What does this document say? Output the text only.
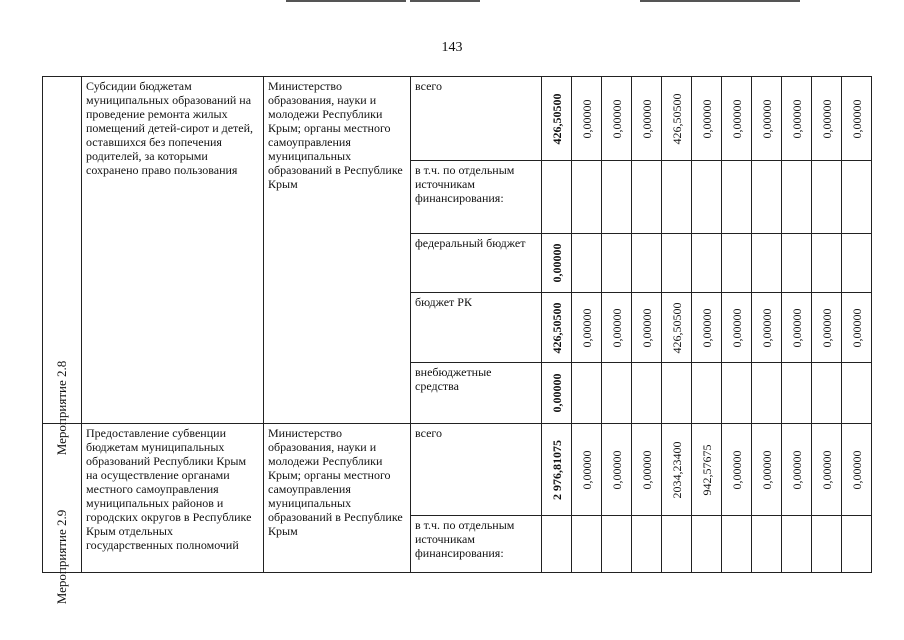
143
Мероприятие 2.8	Субсидии бюджетам муниципальных образований на проведение ремонта жилых помещений детей-сирот и детей, оставшихся без попечения родителей, за которыми сохранено право пользования	Министерство образования, науки и молодежи Республики Крым; органы местного самоуправления муниципальных образований в Республике Крым	всего	426,50500	0,00000	0,00000	0,00000	426,50500	0,00000	0,00000	0,00000	0,00000	0,00000	0,00000

			в т.ч. по отдельным источникам финансирования:	

			федеральный бюджет	0,00000										

			бюджет РК	426,50500	0,00000	0,00000	0,00000	426,50500	0,00000	0,00000	0,00000	0,00000	0,00000	0,00000

			внебюджетные средства	0,00000										

Мероприятие 2.9	Предоставление субвенции бюджетам муниципальных образований Республики Крым на осуществление органами местного самоуправления муниципальных районов и городских округов в Республике Крым отдельных государственных полномочий	Министерство образования, науки и молодежи Республики Крым; органы местного самоуправления муниципальных образований в Республике Крым	всего	2 976,81075	0,00000	0,00000	0,00000	2034,23400	942,57675	0,00000	0,00000	0,00000	0,00000	0,00000

			в т.ч. по отдельным источникам финансирования:	
